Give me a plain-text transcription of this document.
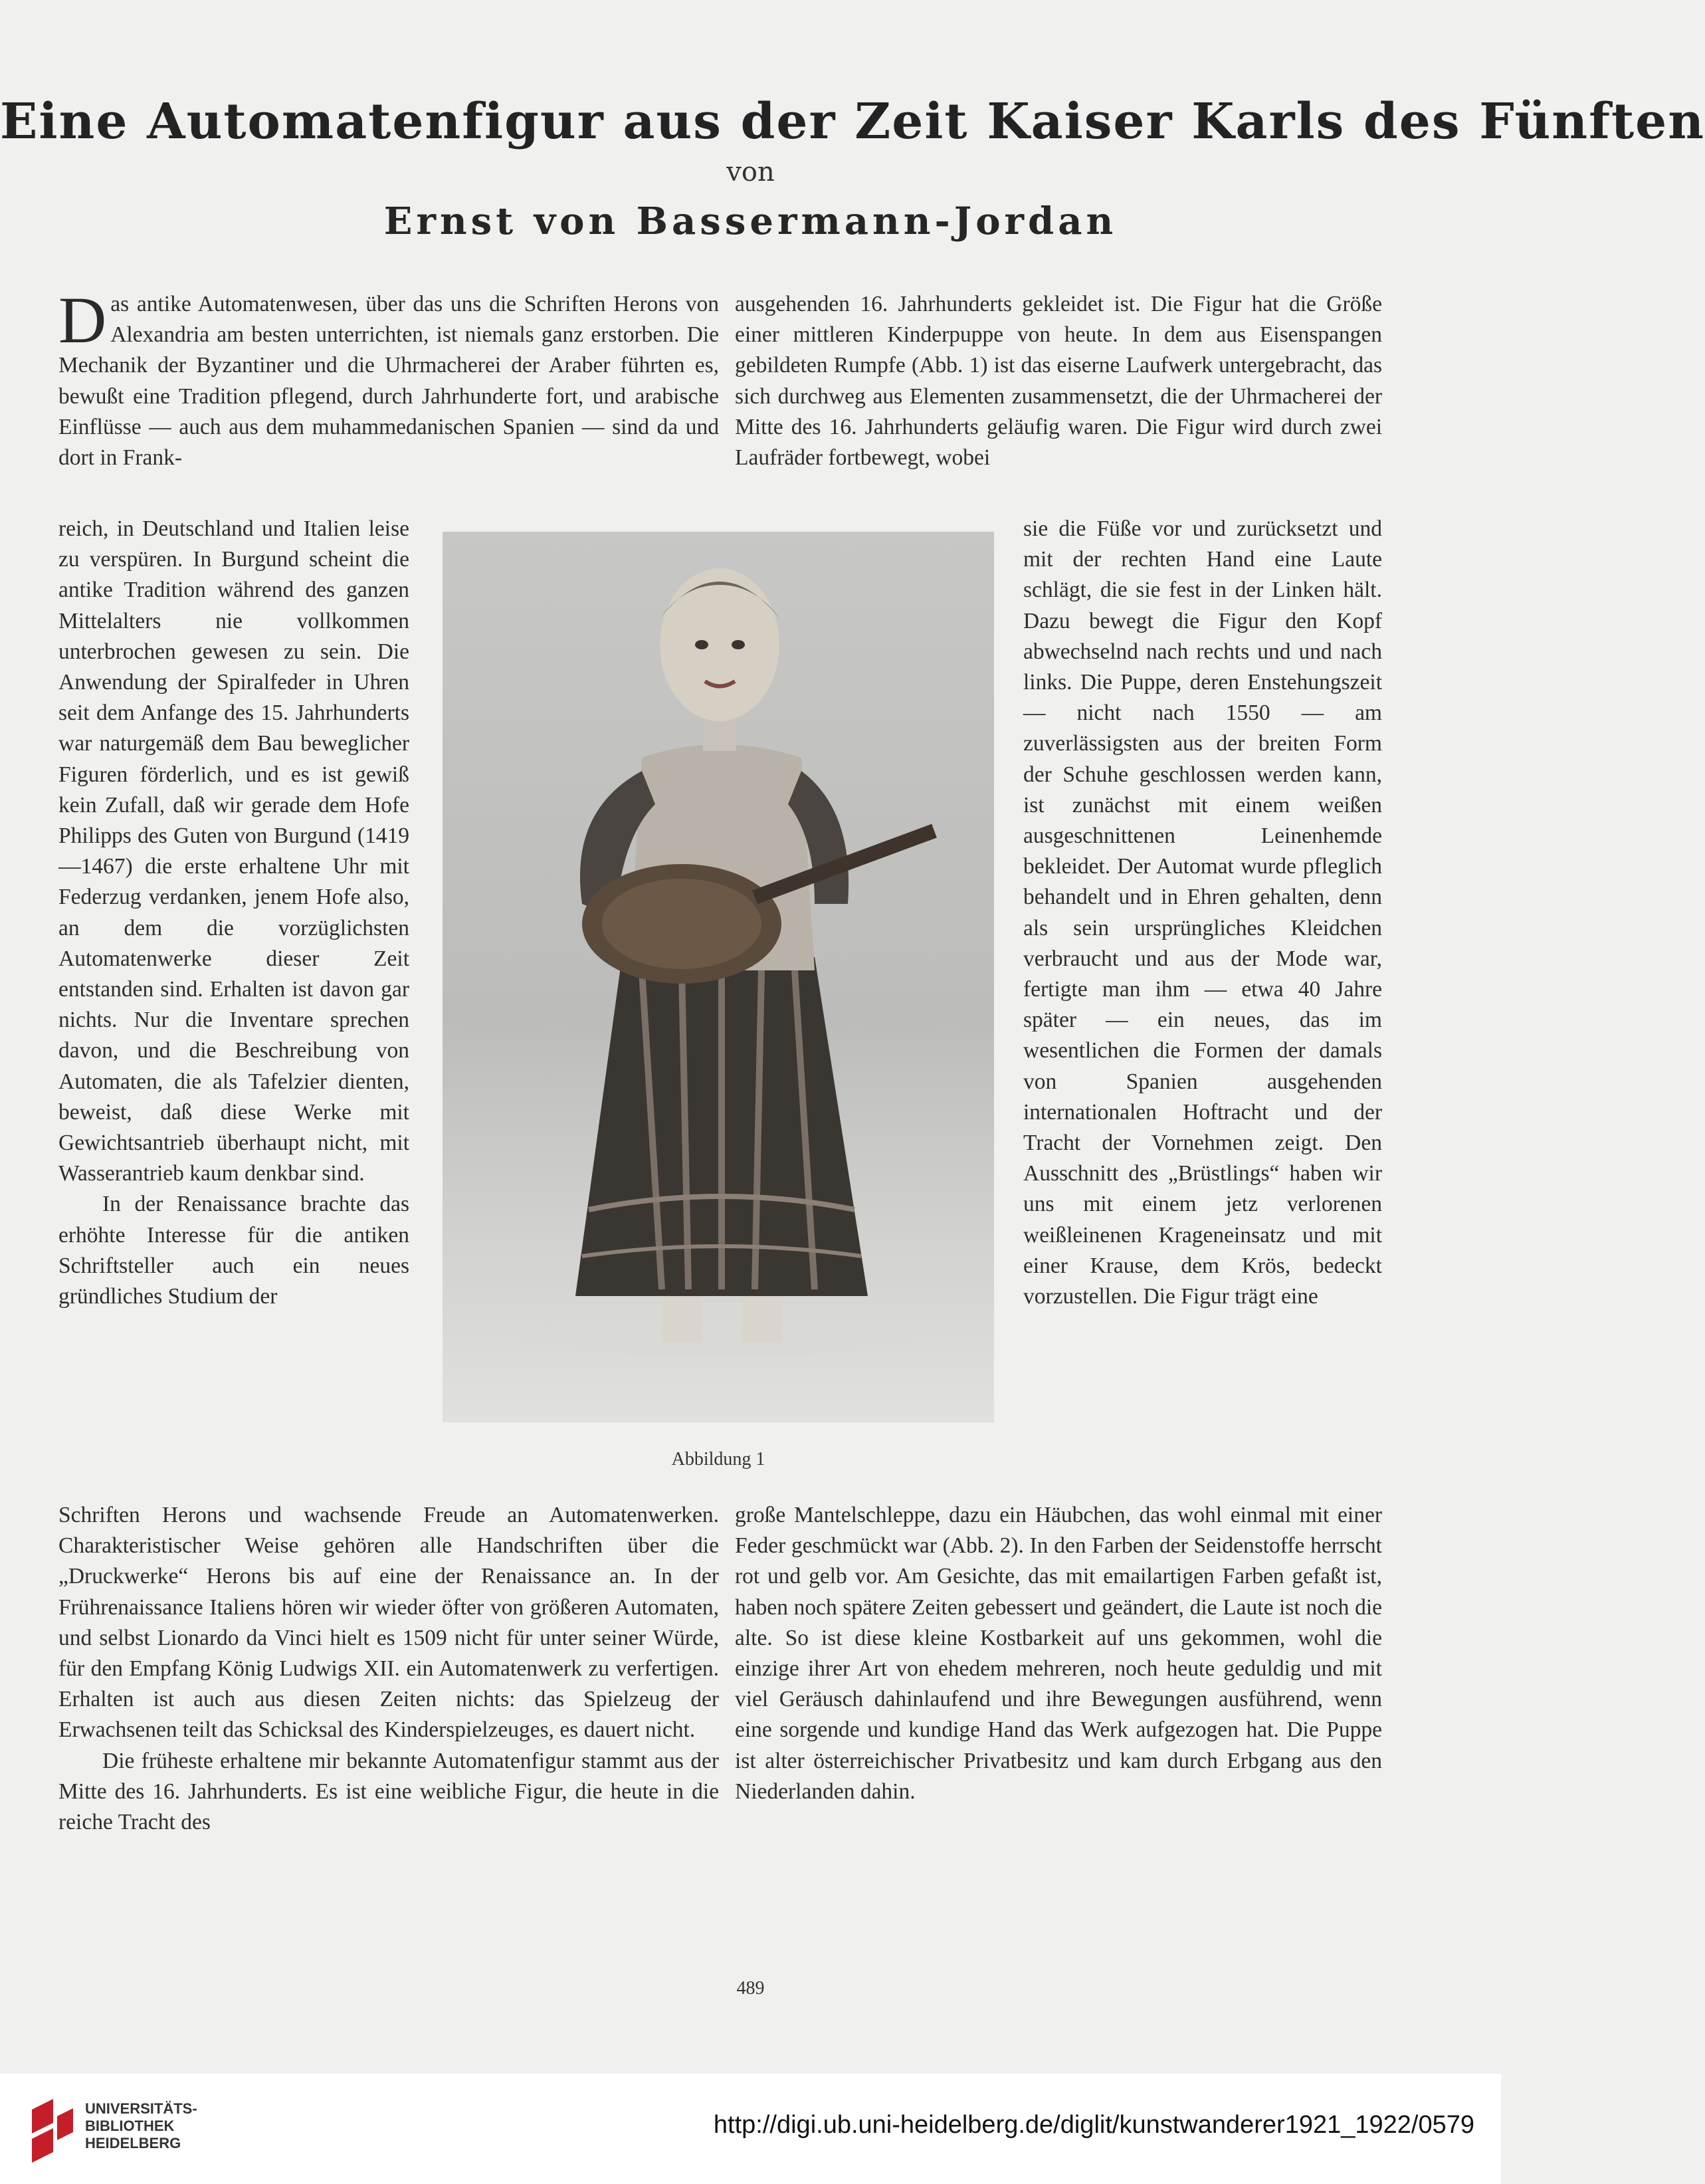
Eine Automatenfigur aus der Zeit Kaiser Karls des Fünften
von
Ernst von Bassermann-Jordan

Das antike Automatenwesen, über das uns die Schriften Herons von Alexandria am besten unterrichten, ist niemals ganz erstorben. Die Mechanik der Byzantiner und die Uhrmacherei der Araber führten es, bewußt eine Tradition pflegend, durch Jahrhunderte fort, und arabische Einflüsse — auch aus dem muhammedanischen Spanien — sind da und dort in Frank-

reich, in Deutschland und Italien leise zu verspüren. In Burgund scheint die antike Tradition während des ganzen Mittelalters nie vollkommen unterbrochen gewesen zu sein. Die Anwendung der Spiralfeder in Uhren seit dem Anfange des 15. Jahrhunderts war naturgemäß dem Bau beweglicher Figuren förderlich, und es ist gewiß kein Zufall, daß wir gerade dem Hofe Philipps des Guten von Burgund (1419—1467) die erste erhaltene Uhr mit Federzug verdanken, jenem Hofe also, an dem die vorzüglichsten Automatenwerke dieser Zeit entstanden sind. Erhalten ist davon gar nichts. Nur die Inventare sprechen davon, und die Beschreibung von Automaten, die als Tafelzier dienten, beweist, daß diese Werke mit Gewichtsantrieb überhaupt nicht, mit Wasserantrieb kaum denkbar sind.

In der Renaissance brachte das erhöhte Interesse für die antiken Schriftsteller auch ein neues gründliches Studium der

Schriften Herons und wachsende Freude an Automatenwerken. Charakteristischer Weise gehören alle Handschriften über die „Druckwerke“ Herons bis auf eine der Renaissance an. In der Frührenaissance Italiens hören wir wieder öfter von größeren Automaten, und selbst Lionardo da Vinci hielt es 1509 nicht für unter seiner Würde, für den Empfang König Ludwigs XII. ein Automatenwerk zu verfertigen. Erhalten ist auch aus diesen Zeiten nichts: das Spielzeug der Erwachsenen teilt das Schicksal des Kinderspielzeuges, es dauert nicht.

Die früheste erhaltene mir bekannte Automatenfigur stammt aus der Mitte des 16. Jahrhunderts. Es ist eine weibliche Figur, die heute in die reiche Tracht des

ausgehenden 16. Jahrhunderts gekleidet ist. Die Figur hat die Größe einer mittleren Kinderpuppe von heute. In dem aus Eisenspangen gebildeten Rumpfe (Abb. 1) ist das eiserne Laufwerk untergebracht, das sich durchweg aus Elementen zusammensetzt, die der Uhrmacherei der Mitte des 16. Jahrhunderts geläufig waren. Die Figur wird durch zwei Laufräder fortbewegt, wobei

sie die Füße vor und zurücksetzt und mit der rechten Hand eine Laute schlägt, die sie fest in der Linken hält. Dazu bewegt die Figur den Kopf abwechselnd nach rechts und und nach links. Die Puppe, deren Enstehungszeit — nicht nach 1550 — am zuverlässigsten aus der breiten Form der Schuhe geschlossen werden kann, ist zunächst mit einem weißen ausgeschnittenen Leinenhemde bekleidet. Der Automat wurde pfleglich behandelt und in Ehren gehalten, denn als sein ursprüngliches Kleidchen verbraucht und aus der Mode war, fertigte man ihm — etwa 40 Jahre später — ein neues, das im wesentlichen die Formen der damals von Spanien ausgehenden internationalen Hoftracht und der Tracht der Vornehmen zeigt. Den Ausschnitt des „Brüstlings“ haben wir uns mit einem jetz verlorenen weißleinenen Krageneinsatz und mit einer Krause, dem Krös, bedeckt vorzustellen. Die Figur trägt eine

große Mantelschleppe, dazu ein Häubchen, das wohl einmal mit einer Feder geschmückt war (Abb. 2). In den Farben der Seidenstoffe herrscht rot und gelb vor. Am Gesichte, das mit emailartigen Farben gefaßt ist, haben noch spätere Zeiten gebessert und geändert, die Laute ist noch die alte. So ist diese kleine Kostbarkeit auf uns gekommen, wohl die einzige ihrer Art von ehedem mehreren, noch heute geduldig und mit viel Geräusch dahinlaufend und ihre Bewegungen ausführend, wenn eine sorgende und kundige Hand das Werk aufgezogen hat. Die Puppe ist alter österreichischer Privatbesitz und kam durch Erbgang aus den Niederlanden dahin.

Abbildung 1
489
UNIVERSITÄTS-
BIBLIOTHEK
HEIDELBERG
http://digi.ub.uni-heidelberg.de/diglit/kunstwanderer1921_1922/0579
